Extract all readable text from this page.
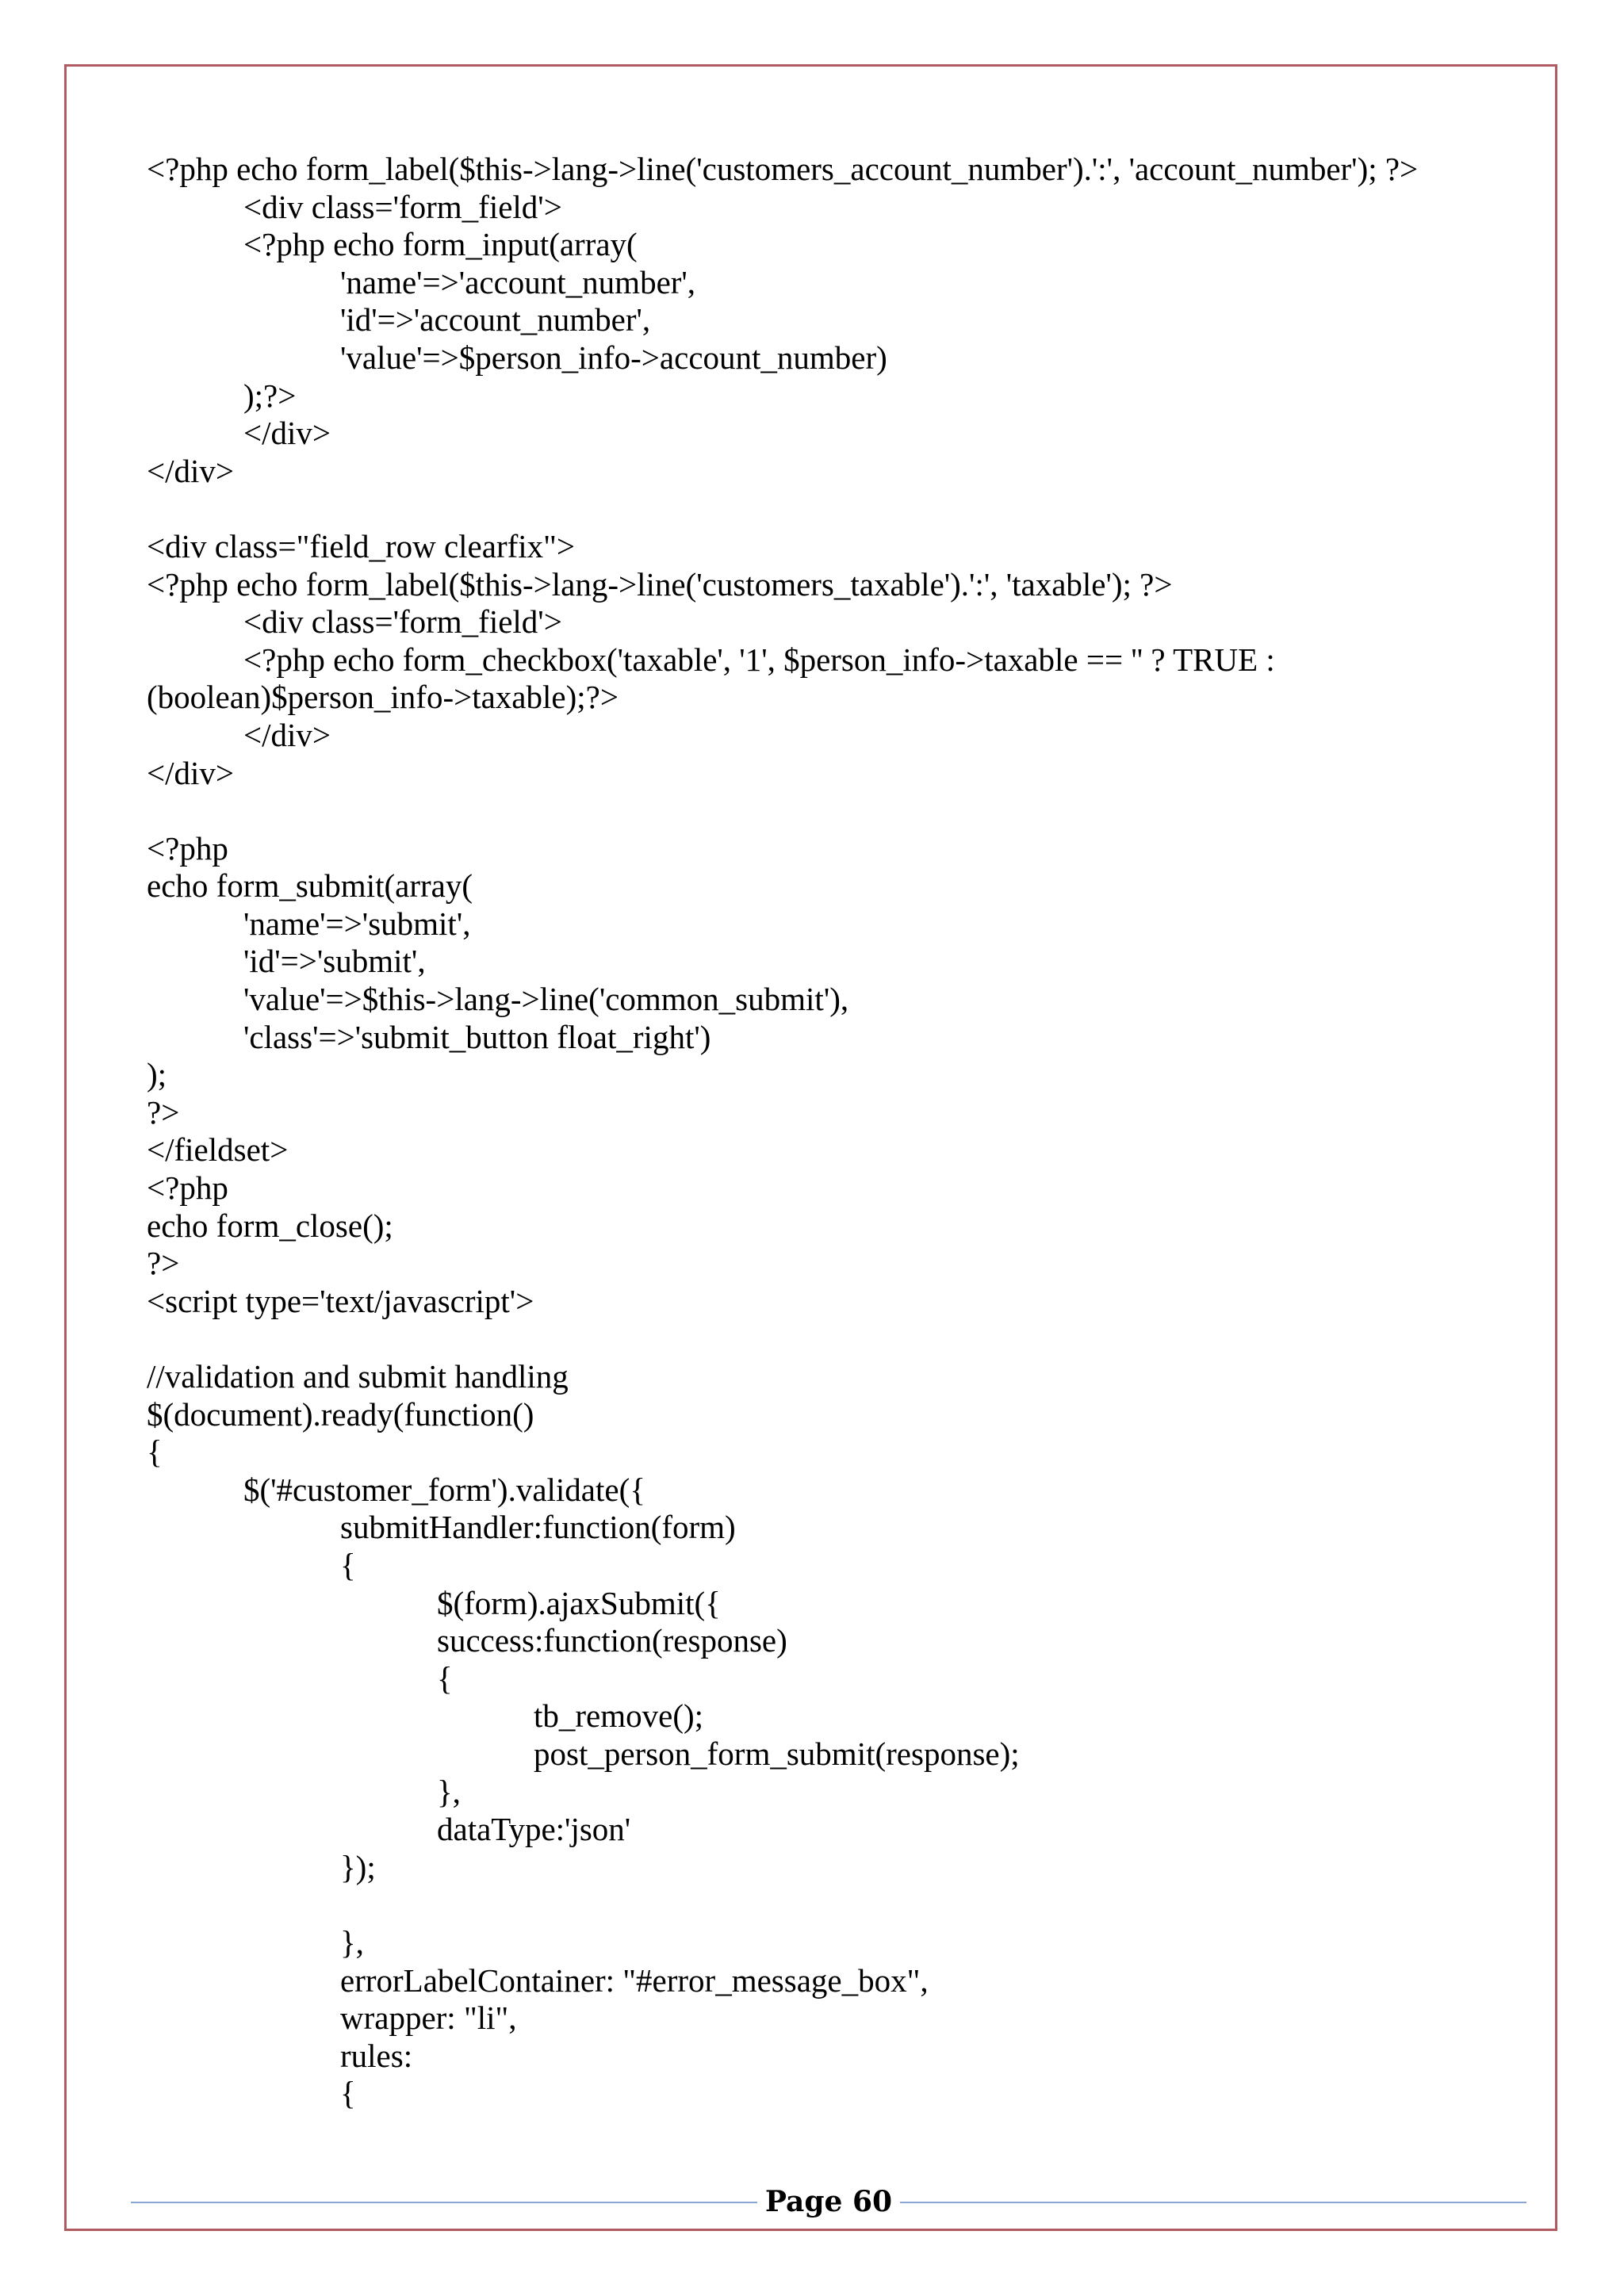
<?php echo form_label($this->lang->line('customers_account_number').':', 'account_number'); ?>
<div class='form_field'>
<?php echo form_input(array(
'name'=>'account_number',
'id'=>'account_number',
'value'=>$person_info->account_number)
);?>
</div>
</div>
<div class="field_row clearfix">
<?php echo form_label($this->lang->line('customers_taxable').':', 'taxable'); ?>
<div class='form_field'>
<?php echo form_checkbox('taxable', '1', $person_info->taxable == '' ? TRUE :
(boolean)$person_info->taxable);?>
</div>
</div>
<?php
echo form_submit(array(
'name'=>'submit',
'id'=>'submit',
'value'=>$this->lang->line('common_submit'),
'class'=>'submit_button float_right')
);
?>
</fieldset>
<?php
echo form_close();
?>
<script type='text/javascript'>
//validation and submit handling
$(document).ready(function()
{
$('#customer_form').validate({
submitHandler:function(form)
{
$(form).ajaxSubmit({
success:function(response)
{
tb_remove();
post_person_form_submit(response);
},
dataType:'json'
});
},
errorLabelContainer: "#error_message_box",
wrapper: "li",
rules:
{
Page 60
